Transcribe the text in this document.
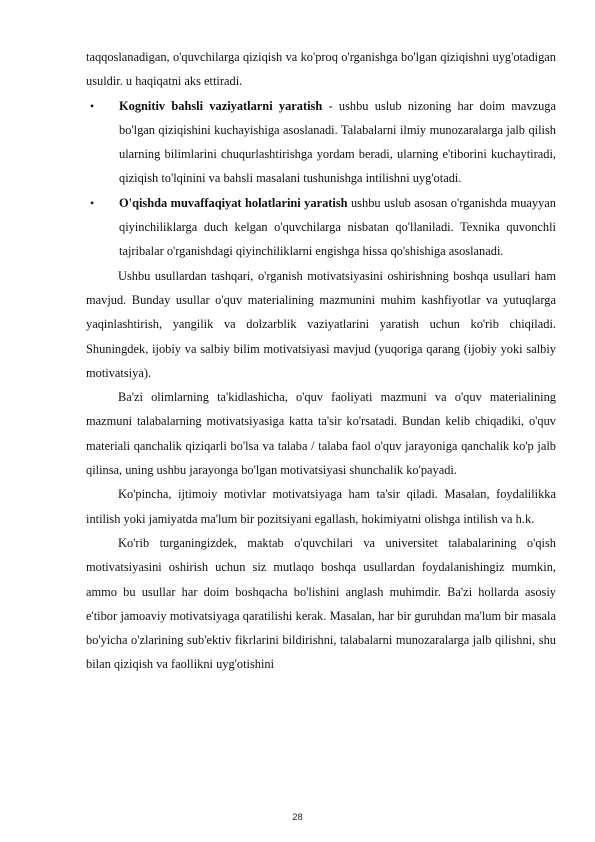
taqqoslanadigan, o'quvchilarga qiziqish va ko'proq o'rganishga bo'lgan qiziqishni uyg'otadigan usuldir. u haqiqatni aks ettiradi.

• Kognitiv bahsli vaziyatlarni yaratish - ushbu uslub nizoning har doim mavzuga bo'lgan qiziqishini kuchayishiga asoslanadi. Talabalarni ilmiy munozaralarga jalb qilish ularning bilimlarini chuqurlashtirishga yordam beradi, ularning e'tiborini kuchaytiradi, qiziqish to'lqinini va bahsli masalani tushunishga intilishni uyg'otadi.

• O'qishda muvaffaqiyat holatlarini yaratish ushbu uslub asosan o'rganishda muayyan qiyinchiliklarga duch kelgan o'quvchilarga nisbatan qo'llaniladi. Texnika quvonchli tajribalar o'rganishdagi qiyinchiliklarni engishga hissa qo'shishiga asoslanadi.

Ushbu usullardan tashqari, o'rganish motivatsiyasini oshirishning boshqa usullari ham mavjud. Bunday usullar o'quv materialining mazmunini muhim kashfiyotlar va yutuqlarga yaqinlashtirish, yangilik va dolzarblik vaziyatlarini yaratish uchun ko'rib chiqiladi. Shuningdek, ijobiy va salbiy bilim motivatsiyasi mavjud (yuqoriga qarang (ijobiy yoki salbiy motivatsiya).

Ba'zi olimlarning ta'kidlashicha, o'quv faoliyati mazmuni va o'quv materialining mazmuni talabalarning motivatsiyasiga katta ta'sir ko'rsatadi. Bundan kelib chiqadiki, o'quv materiali qanchalik qiziqarli bo'lsa va talaba / talaba faol o'quv jarayoniga qanchalik ko'p jalb qilinsa, uning ushbu jarayonga bo'lgan motivatsiyasi shunchalik ko'payadi.

Ko'pincha, ijtimoiy motivlar motivatsiyaga ham ta'sir qiladi. Masalan, foydalilikka intilish yoki jamiyatda ma'lum bir pozitsiyani egallash, hokimiyatni olishga intilish va h.k.

Ko'rib turganingizdek, maktab o'quvchilari va universitet talabalarining o'qish motivatsiyasini oshirish uchun siz mutlaqo boshqa usullardan foydalanishingiz mumkin, ammo bu usullar har doim boshqacha bo'lishini anglash muhimdir. Ba'zi hollarda asosiy e'tibor jamoaviy motivatsiyaga qaratilishi kerak. Masalan, har bir guruhdan ma'lum bir masala bo'yicha o'zlarining sub'ektiv fikrlarini bildirishni, talabalarni munozaralarga jalb qilishni, shu bilan qiziqish va faollikni uyg'otishini

28
